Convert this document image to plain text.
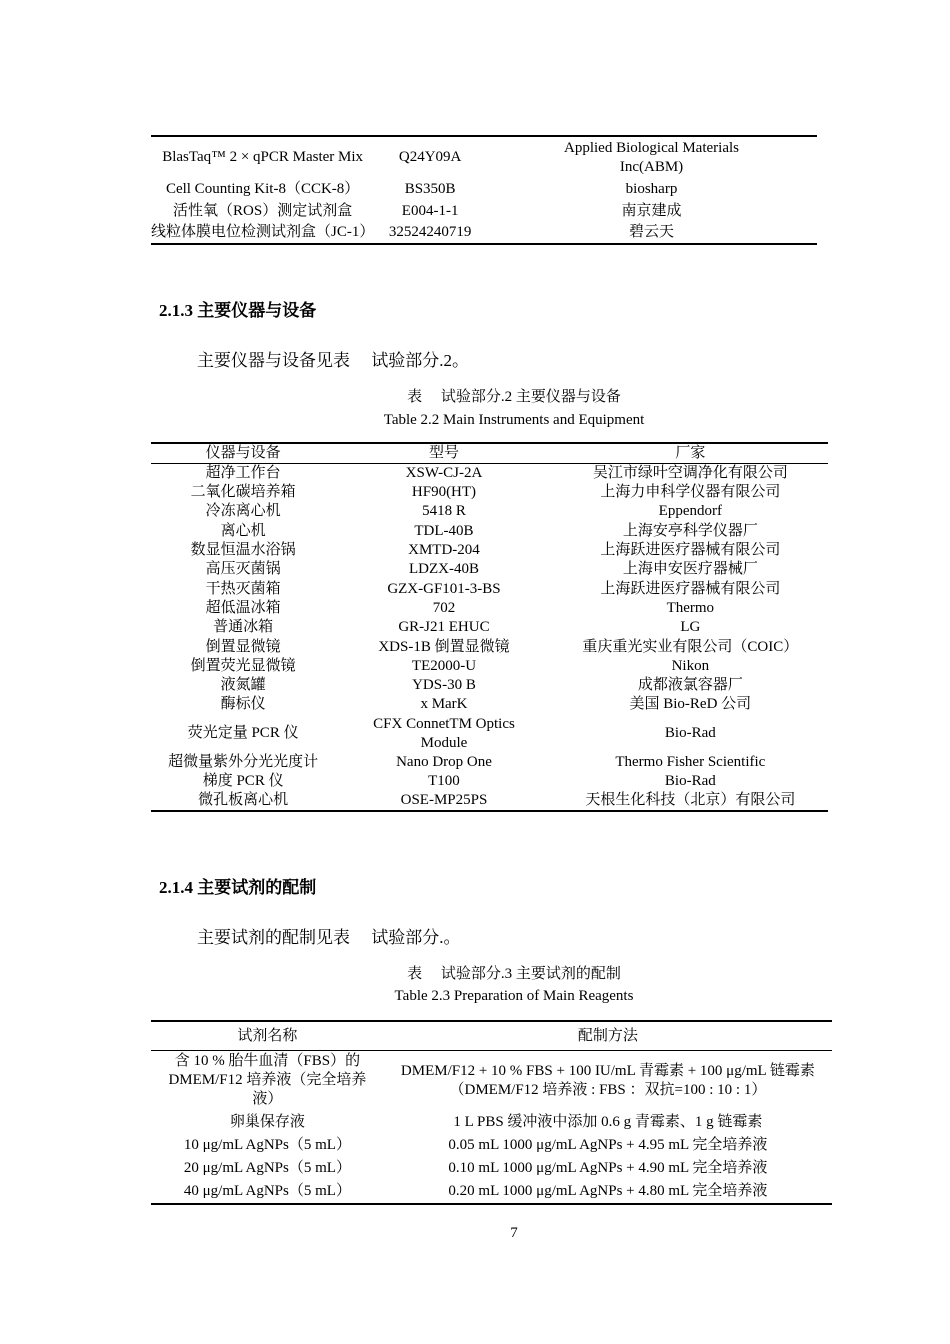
BlasTaq™ 2 × qPCR Master Mix	Q24Y09A	Applied Biological Materials Inc(ABM)
Cell Counting Kit-8（CCK-8）	BS350B	biosharp
活性氧（ROS）测定试剂盒	E004-1-1	南京建成
线粒体膜电位检测试剂盒（JC-1）	32524240719	碧云天
2.1.3 主要仪器与设备
主要仪器与设备见表　 试验部分.2。
表　 试验部分.2 主要仪器与设备
Table 2.2 Main Instruments and Equipment
仪器与设备	型号	厂家
超净工作台	XSW-CJ-2A	吴江市绿叶空调净化有限公司
二氧化碳培养箱	HF90(HT)	上海力申科学仪器有限公司
冷冻离心机	5418 R	Eppendorf
离心机	TDL-40B	上海安亭科学仪器厂
数显恒温水浴锅	XMTD-204	上海跃进医疗器械有限公司
高压灭菌锅	LDZX-40B	上海申安医疗器械厂
干热灭菌箱	GZX-GF101-3-BS	上海跃进医疗器械有限公司
超低温冰箱	702	Thermo
普通冰箱	GR-J21 EHUC	LG
倒置显微镜	XDS-1B 倒置显微镜	重庆重光实业有限公司（COIC）
倒置荧光显微镜	TE2000-U	Nikon
液氮罐	YDS-30 B	成都液氯容器厂
酶标仪	x MarK	美国 Bio-ReD 公司
荧光定量 PCR 仪	CFX ConnetTM Optics Module	Bio-Rad
超微量紫外分光光度计	Nano Drop One	Thermo Fisher Scientific
梯度 PCR 仪	T100	Bio-Rad
微孔板离心机	OSE-MP25PS	天根生化科技（北京）有限公司
2.1.4 主要试剂的配制
主要试剂的配制见表　 试验部分.。
表　 试验部分.3 主要试剂的配制
Table 2.3 Preparation of Main Reagents
试剂名称	配制方法
含 10 % 胎牛血清（FBS）的 DMEM/F12 培养液（完全培养液）	DMEM/F12 + 10 % FBS + 100 IU/mL 青霉素 + 100 μg/mL 链霉素（DMEM/F12 培养液 : FBS ：双抗=100 : 10 : 1）
卵巢保存液	1 L PBS 缓冲液中添加 0.6 g 青霉素、1 g 链霉素
10 μg/mL AgNPs（5 mL）	0.05 mL 1000 μg/mL AgNPs + 4.95 mL 完全培养液
20 μg/mL AgNPs（5 mL）	0.10 mL 1000 μg/mL AgNPs + 4.90 mL 完全培养液
40 μg/mL AgNPs（5 mL）	0.20 mL 1000 μg/mL AgNPs + 4.80 mL 完全培养液
7
